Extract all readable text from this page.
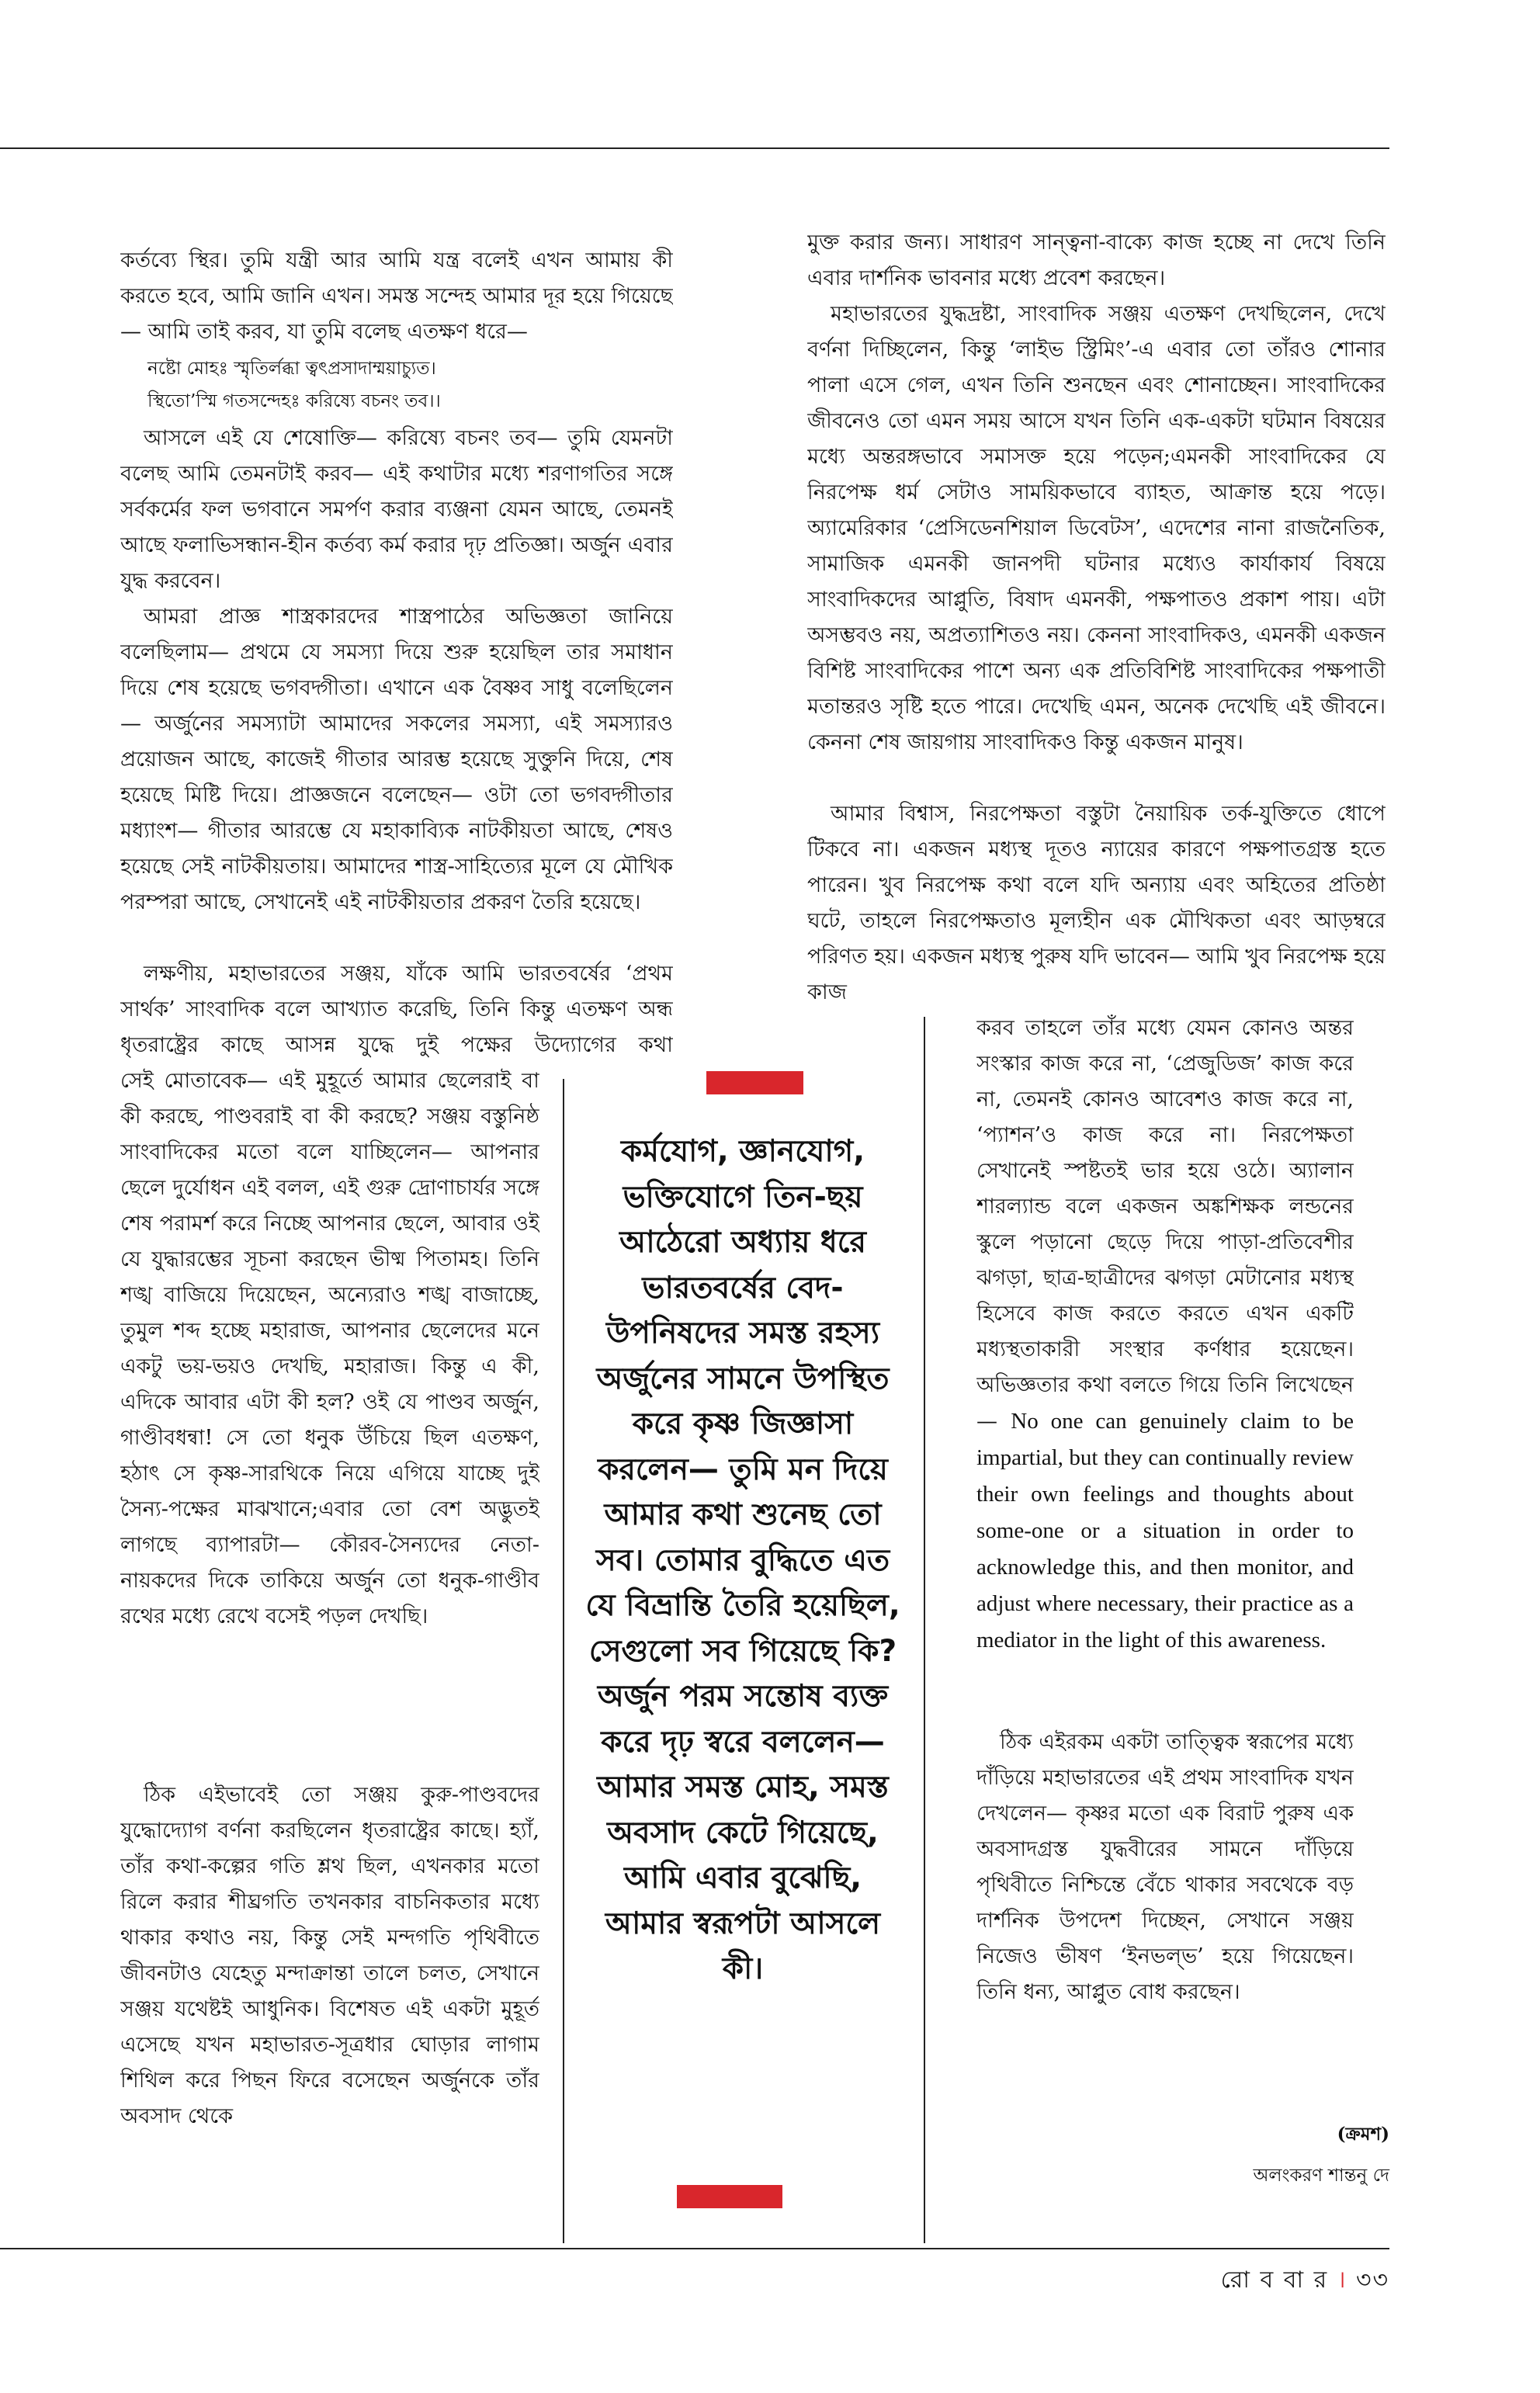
কর্তব্যে স্থির। তুমি যন্ত্রী আর আমি যন্ত্র বলেই এখন আমায় কী করতে হবে, আমি জানি এখন। সমস্ত সন্দেহ আমার দূর হয়ে গিয়েছে— আমি তাই করব, যা তুমি বলেছ এতক্ষণ ধরে—

নষ্টো মোহঃ স্মৃতির্লব্ধা ত্বৎপ্রসাদাম্ময়াচ্যুত।
স্থিতো’স্মি গতসন্দেহঃ করিষ্যে বচনং তব।।

আসলে এই যে শেষোক্তি— করিষ্যে বচনং তব— তুমি যেমনটা বলেছ আমি তেমনটাই করব— এই কথাটার মধ্যে শরণাগতির সঙ্গে সর্বকর্মের ফল ভগবানে সমর্পণ করার ব্যঞ্জনা যেমন আছে, তেমনই আছে ফলাভিসন্ধান-হীন কর্তব্য কর্ম করার দৃঢ় প্রতিজ্ঞা। অর্জুন এবার যুদ্ধ করবেন।

আমরা প্রাজ্ঞ শাস্ত্রকারদের শাস্ত্রপাঠের অভিজ্ঞতা জানিয়ে বলেছিলাম— প্রথমে যে সমস্যা দিয়ে শুরু হয়েছিল তার সমাধান দিয়ে শেষ হয়েছে ভগবদ্গীতা। এখানে এক বৈষ্ণব সাধু বলেছিলেন— অর্জুনের সমস্যাটা আমাদের সকলের সমস্যা, এই সমস্যারও প্রয়োজন আছে, কাজেই গীতার আরম্ভ হয়েছে সুক্তুনি দিয়ে, শেষ হয়েছে মিষ্টি দিয়ে। প্রাজ্ঞজনে বলেছেন— ওটা তো ভগবদ্গীতার মধ্যাংশ— গীতার আরম্ভে যে মহাকাব্যিক নাটকীয়তা আছে, শেষও হয়েছে সেই নাটকীয়তায়। আমাদের শাস্ত্র-সাহিত্যের মূলে যে মৌখিক পরম্পরা আছে, সেখানেই এই নাটকীয়তার প্রকরণ তৈরি হয়েছে।

লক্ষণীয়, মহাভারতের সঞ্জয়, যাঁকে আমি ভারতবর্ষের ‘প্রথম সার্থক’ সাংবাদিক বলে আখ্যাত করেছি, তিনি কিন্তু এতক্ষণ অন্ধ ধৃতরাষ্ট্রের কাছে আসন্ন যুদ্ধে দুই পক্ষের উদ্যোগের কথা

সেই মোতাবেক— এই মুহূর্তে আমার ছেলেরাই বা কী করছে, পাণ্ডবরাই বা কী করছে? সঞ্জয় বস্তুনিষ্ঠ সাংবাদিকের মতো বলে যাচ্ছিলেন— আপনার ছেলে দুর্যোধন এই বলল, এই গুরু দ্রোণাচার্যর সঙ্গে শেষ পরামর্শ করে নিচ্ছে আপনার ছেলে, আবার ওই যে যুদ্ধারম্ভের সূচনা করছেন ভীষ্ম পিতামহ। তিনি শঙ্খ বাজিয়ে দিয়েছেন, অন্যেরাও শঙ্খ বাজাচ্ছে, তুমুল শব্দ হচ্ছে মহারাজ, আপনার ছেলেদের মনে একটু ভয়-ভয়ও দেখছি, মহারাজ। কিন্তু এ কী, এদিকে আবার এটা কী হল? ওই যে পাণ্ডব অর্জুন, গাণ্ডীবধন্বা! সে তো ধনুক উঁচিয়ে ছিল এতক্ষণ, হঠাৎ সে কৃষ্ণ-সারথিকে নিয়ে এগিয়ে যাচ্ছে দুই সৈন্য-পক্ষের মাঝখানে;এবার তো বেশ অদ্ভুতই লাগছে ব্যাপারটা— কৌরব-সৈন্যদের নেতা-নায়কদের দিকে তাকিয়ে অর্জুন তো ধনুক-গাণ্ডীব রথের মধ্যে রেখে বসেই পড়ল দেখছি।

ঠিক এইভাবেই তো সঞ্জয় কুরু-পাণ্ডবদের যুদ্ধোদ্যোগ বর্ণনা করছিলেন ধৃতরাষ্ট্রের কাছে। হ্যাঁ, তাঁর কথা-কল্পের গতি শ্লথ ছিল, এখনকার মতো রিলে করার শীঘ্রগতি তখনকার বাচনিকতার মধ্যে থাকার কথাও নয়, কিন্তু সেই মন্দগতি পৃথিবীতে জীবনটাও যেহেতু মন্দাক্রান্তা তালে চলত, সেখানে সঞ্জয় যথেষ্টই আধুনিক। বিশেষত এই একটা মুহূর্ত এসেছে যখন মহাভারত-সূত্রধার ঘোড়ার লাগাম শিথিল করে পিছন ফিরে বসেছেন অর্জুনকে তাঁর অবসাদ থেকে

কর্মযোগ, জ্ঞানযোগ, ভক্তিযোগে তিন-ছয় আঠেরো অধ্যায় ধরে ভারতবর্ষের বেদ-উপনিষদের সমস্ত রহস্য অর্জুনের সামনে উপস্থিত করে কৃষ্ণ জিজ্ঞাসা করলেন— তুমি মন দিয়ে আমার কথা শুনেছ তো সব। তোমার বুদ্ধিতে এত যে বিভ্রান্তি তৈরি হয়েছিল, সেগুলো সব গিয়েছে কি? অর্জুন পরম সন্তোষ ব্যক্ত করে দৃঢ় স্বরে বললেন— আমার সমস্ত মোহ, সমস্ত অবসাদ কেটে গিয়েছে, আমি এবার বুঝেছি, আমার স্বরূপটা আসলে কী।

মুক্ত করার জন্য। সাধারণ সান্ত্বনা-বাক্যে কাজ হচ্ছে না দেখে তিনি এবার দার্শনিক ভাবনার মধ্যে প্রবেশ করছেন।

মহাভারতের যুদ্ধদ্রষ্টা, সাংবাদিক সঞ্জয় এতক্ষণ দেখছিলেন, দেখে বর্ণনা দিচ্ছিলেন, কিন্তু ‘লাইভ স্ট্রিমিং’-এ এবার তো তাঁরও শোনার পালা এসে গেল, এখন তিনি শুনছেন এবং শোনাচ্ছেন। সাংবাদিকের জীবনেও তো এমন সময় আসে যখন তিনি এক-একটা ঘটমান বিষয়ের মধ্যে অন্তরঙ্গভাবে সমাসক্ত হয়ে পড়েন;এমনকী সাংবাদিকের যে নিরপেক্ষ ধর্ম সেটাও সাময়িকভাবে ব্যাহত, আক্রান্ত হয়ে পড়ে। অ্যামেরিকার ‘প্রেসিডেনশিয়াল ডিবেটস’, এদেশের নানা রাজনৈতিক, সামাজিক এমনকী জানপদী ঘটনার মধ্যেও কার্যাকার্য বিষয়ে সাংবাদিকদের আপ্লুতি, বিষাদ এমনকী, পক্ষপাতও প্রকাশ পায়। এটা অসম্ভবও নয়, অপ্রত্যাশিতও নয়। কেননা সাংবাদিকও, এমনকী একজন বিশিষ্ট সাংবাদিকের পাশে অন্য এক প্রতিবিশিষ্ট সাংবাদিকের পক্ষপাতী মতান্তরও সৃষ্টি হতে পারে। দেখেছি এমন, অনেক দেখেছি এই জীবনে। কেননা শেষ জায়গায় সাংবাদিকও কিন্তু একজন মানুষ।

আমার বিশ্বাস, নিরপেক্ষতা বস্তুটা নৈয়ায়িক তর্ক-যুক্তিতে ধোপে টিকবে না। একজন মধ্যস্থ দূতও ন্যায়ের কারণে পক্ষপাতগ্রস্ত হতে পারেন। খুব নিরপেক্ষ কথা বলে যদি অন্যায় এবং অহিতের প্রতিষ্ঠা ঘটে, তাহলে নিরপেক্ষতাও মূল্যহীন এক মৌখিকতা এবং আড়ম্বরে পরিণত হয়। একজন মধ্যস্থ পুরুষ যদি ভাবেন— আমি খুব নিরপেক্ষ হয়ে কাজ

করব তাহলে তাঁর মধ্যে যেমন কোনও অন্তর সংস্কার কাজ করে না, ‘প্রেজুডিজ’ কাজ করে না, তেমনই কোনও আবেশও কাজ করে না, ‘প্যাশন’ও কাজ করে না। নিরপেক্ষতা সেখানেই স্পষ্টতই ভার হয়ে ওঠে। অ্যালান শারল্যান্ড বলে একজন অঙ্কশিক্ষক লন্ডনের স্কুলে পড়ানো ছেড়ে দিয়ে পাড়া-প্রতিবেশীর ঝগড়া, ছাত্র-ছাত্রীদের ঝগড়া মেটানোর মধ্যস্থ হিসেবে কাজ করতে করতে এখন একটি মধ্যস্থতাকারী সংস্থার কর্ণধার হয়েছেন। অভিজ্ঞতার কথা বলতে গিয়ে তিনি লিখেছেন— No one can genuinely claim to be impartial, but they can continually review their own feelings and thoughts about some-one or a situation in order to acknowledge this, and then monitor, and adjust where necessary, their practice as a mediator in the light of this awareness.

ঠিক এইরকম একটা তাত্ত্বিক স্বরূপের মধ্যে দাঁড়িয়ে মহাভারতের এই প্রথম সাংবাদিক যখন দেখলেন— কৃষ্ণর মতো এক বিরাট পুরুষ এক অবসাদগ্রস্ত যুদ্ধবীরের সামনে দাঁড়িয়ে পৃথিবীতে নিশ্চিন্তে বেঁচে থাকার সবথেকে বড় দার্শনিক উপদেশ দিচ্ছেন, সেখানে সঞ্জয় নিজেও ভীষণ ‘ইনভল্ভ’ হয়ে গিয়েছেন। তিনি ধন্য, আপ্লুত বোধ করছেন।

(ক্রমশ)

অলংকরণ শান্তনু দে

রো ব বা র । ৩৩
